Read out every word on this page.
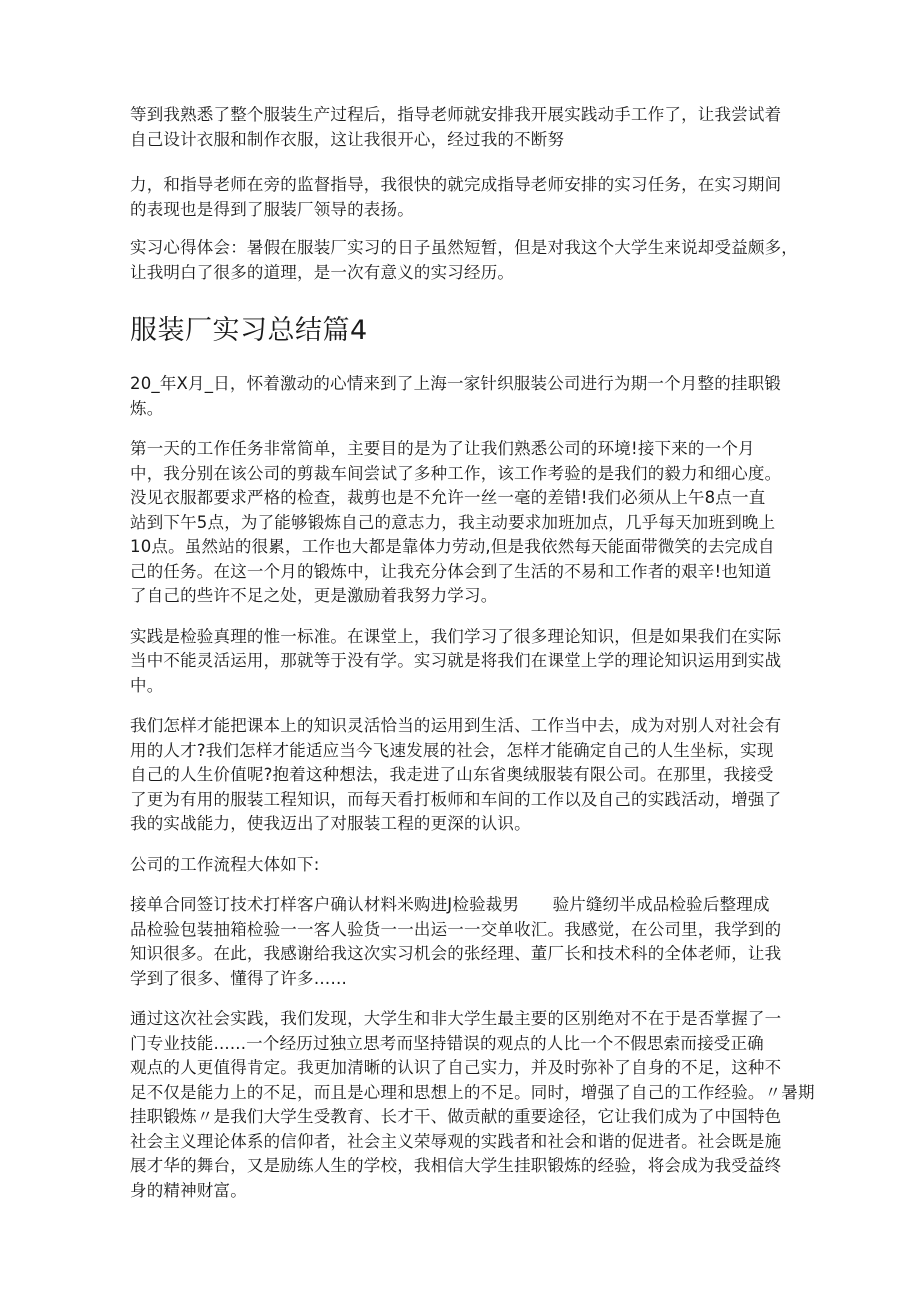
等到我熟悉了整个服装生产过程后，指导老师就安排我开展实践动手工作了，让我尝试着
自己设计衣服和制作衣服，这让我很开心，经过我的不断努

力，和指导老师在旁的监督指导，我很快的就完成指导老师安排的实习任务，在实习期间
的表现也是得到了服装厂领导的表扬。

实习心得体会：暑假在服装厂实习的日子虽然短暂，但是对我这个大学生来说却受益颇多，
让我明白了很多的道理，是一次有意义的实习经历。

服装厂实习总结篇4

20_年X月_日，怀着激动的心情来到了上海一家针织服装公司进行为期一个月整的挂职锻
炼。

第一天的工作任务非常简单，主要目的是为了让我们熟悉公司的环境!接下来的一个月
中，我分别在该公司的剪裁车间尝试了多种工作，该工作考验的是我们的毅力和细心度。
没见衣服都要求严格的检查，裁剪也是不允许一丝一毫的差错!我们必须从上午8点一直
站到下午5点，为了能够锻炼自己的意志力，我主动要求加班加点，几乎每天加班到晚上
10点。虽然站的很累，工作也大都是靠体力劳动,但是我依然每天能面带微笑的去完成自
己的任务。在这一个月的锻炼中，让我充分体会到了生活的不易和工作者的艰辛!也知道
了自己的些许不足之处，更是激励着我努力学习。

实践是检验真理的惟一标准。在课堂上，我们学习了很多理论知识，但是如果我们在实际
当中不能灵活运用，那就等于没有学。实习就是将我们在课堂上学的理论知识运用到实战
中。

我们怎样才能把课本上的知识灵活恰当的运用到生活、工作当中去，成为对别人对社会有
用的人才?我们怎样才能适应当今飞速发展的社会，怎样才能确定自己的人生坐标，实现
自己的人生价值呢?抱着这种想法，我走进了山东省奥绒服装有限公司。在那里，我接受
了更为有用的服装工程知识，而每天看打板师和车间的工作以及自己的实践活动，增强了
我的实战能力，使我迈出了对服装工程的更深的认识。

公司的工作流程大体如下:

接单合同签订技术打样客户确认材料米购进J检验裁男　　验片缝纫半成品检验后整理成
品检验包装抽箱检验一一客人验货一一出运一一交单收汇。我感觉，在公司里，我学到的
知识很多。在此，我感谢给我这次实习机会的张经理、董厂长和技术科的全体老师，让我
学到了很多、懂得了许多……

通过这次社会实践，我们发现，大学生和非大学生最主要的区别绝对不在于是否掌握了一
门专业技能......一个经历过独立思考而坚持错误的观点的人比一个不假思索而接受正确
观点的人更值得肯定。我更加清晰的认识了自己实力，并及时弥补了自身的不足，这种不
足不仅是能力上的不足，而且是心理和思想上的不足。同时，增强了自己的工作经验。〃暑期
挂职锻炼〃是我们大学生受教育、长才干、做贡献的重要途径，它让我们成为了中国特色
社会主义理论体系的信仰者，社会主义荣辱观的实践者和社会和谐的促进者。社会既是施
展才华的舞台，又是励练人生的学校，我相信大学生挂职锻炼的经验，将会成为我受益终
身的精神财富。
